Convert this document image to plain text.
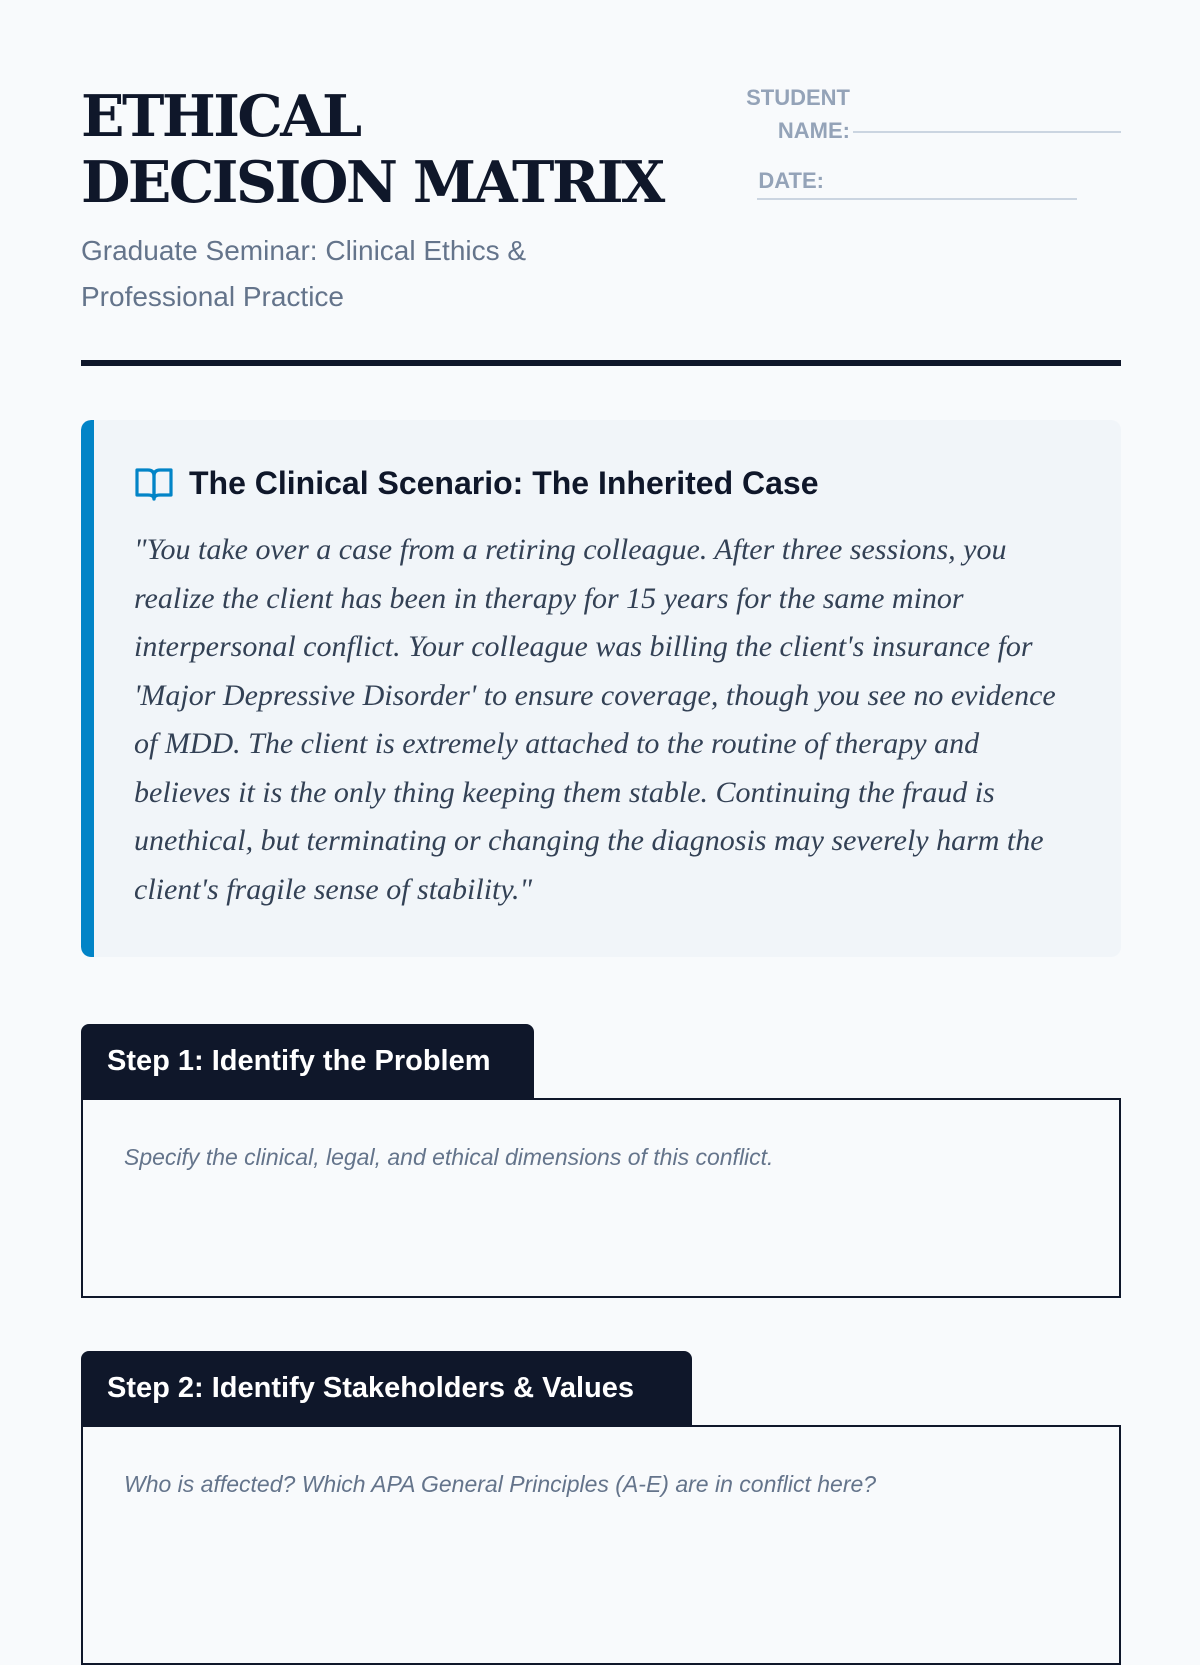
ETHICAL DECISION MATRIX
Graduate Seminar: Clinical Ethics & Professional Practice
STUDENT NAME:
DATE:
The Clinical Scenario: The Inherited Case

"You take over a case from a retiring colleague. After three sessions, you realize the client has been in therapy for 15 years for the same minor interpersonal conflict. Your colleague was billing the client's insurance for 'Major Depressive Disorder' to ensure coverage, though you see no evidence of MDD. The client is extremely attached to the routine of therapy and believes it is the only thing keeping them stable. Continuing the fraud is unethical, but terminating or changing the diagnosis may severely harm the client's fragile sense of stability."

Step 1: Identify the Problem
Specify the clinical, legal, and ethical dimensions of this conflict.
Step 2: Identify Stakeholders & Values
Who is affected? Which APA General Principles (A-E) are in conflict here?
